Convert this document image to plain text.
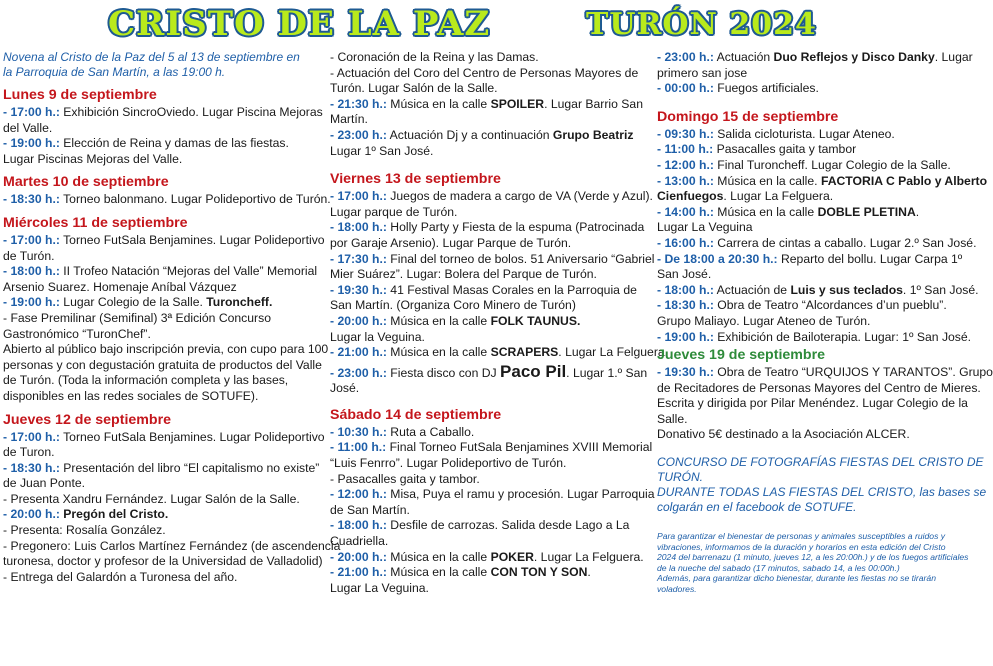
CRISTO DE LA PAZ	TURÓN 2024
Novena al Cristo de la Paz del 5 al 13 de septiembre en
la Parroquia de San Martín, a las 19:00 h.
Lunes 9 de septiembre
- 17:00 h.: Exhibición SincroOviedo. Lugar Piscina Mejoras
del Valle.
- 19:00 h.: Elección de Reina y damas de las fiestas.
Lugar Piscinas Mejoras del Valle.
Martes 10 de septiembre
- 18:30 h.: Torneo balonmano. Lugar Polideportivo de Turón.
Miércoles 11 de septiembre
- 17:00 h.: Torneo FutSala Benjamines. Lugar Polideportivo
de Turón.
- 18:00 h.: II Trofeo Natación “Mejoras del Valle” Memorial
Arsenio Suarez. Homenaje Aníbal Vázquez
- 19:00 h.: Lugar Colegio de la Salle. Turoncheff.
- Fase Premilinar (Semifinal) 3ª Edición Concurso
Gastronómico “TuronChef”.
Abierto al público bajo inscripción previa, con cupo para 100
personas y con degustación gratuita de productos del Valle
de Turón. (Toda la información completa y las bases,
disponibles en las redes sociales de SOTUFE).
Jueves 12 de septiembre
- 17:00 h.: Torneo FutSala Benjamines. Lugar Polideportivo
de Turon.
- 18:30 h.: Presentación del libro “El capitalismo no existe”
de Juan Ponte.
- Presenta Xandru Fernández. Lugar Salón de la Salle.
- 20:00 h.: Pregón del Cristo.
- Presenta: Rosalía González.
- Pregonero: Luis Carlos Martínez Fernández (de ascendencia
turonesa, doctor y profesor de la Universidad de Valladolid)
- Entrega del Galardón a Turonesa del año.
- Coronación de la Reina y las Damas.
- Actuación del Coro del Centro de Personas Mayores de
Turón. Lugar Salón de la Salle.
- 21:30 h.: Música en la calle SPOILER. Lugar Barrio San
Martín.
- 23:00 h.: Actuación Dj y a continuación Grupo Beatriz
Lugar 1º San José.
Viernes 13 de septiembre
- 17:00 h.: Juegos de madera a cargo de VA (Verde y Azul).
Lugar parque de Turón.
- 18:00 h.: Holly Party y Fiesta de la espuma (Patrocinada
por Garaje Arsenio). Lugar Parque de Turón.
- 17:30 h.: Final del torneo de bolos. 51 Aniversario “Gabriel
Mier Suárez”. Lugar: Bolera del Parque de Turón.
- 19:30 h.: 41 Festival Masas Corales en la Parroquia de
San Martín. (Organiza Coro Minero de Turón)
- 20:00 h.: Música en la calle FOLK TAUNUS.
Lugar la Veguina.
- 21:00 h.: Música en la calle SCRAPERS. Lugar La Felguera.
- 23:00 h.: Fiesta disco con DJ Paco Pil. Lugar 1.º San
José.
Sábado 14 de septiembre
- 10:30 h.: Ruta a Caballo.
- 11:00 h.: Final Torneo FutSala Benjamines XVIII Memorial
“Luis Fenrro”. Lugar Polideportivo de Turón.
- Pasacalles gaita y tambor.
- 12:00 h.: Misa, Puya el ramu y procesión. Lugar Parroquia
de San Martín.
- 18:00 h.: Desfile de carrozas. Salida desde Lago a La
Cuadriella.
- 20:00 h.: Música en la calle POKER. Lugar La Felguera.
- 21:00 h.: Música en la calle CON TON Y SON.
Lugar La Veguina.
- 23:00 h.: Actuación Duo Reflejos y Disco Danky. Lugar
primero san jose
- 00:00 h.: Fuegos artificiales.
Domingo 15 de septiembre
- 09:30 h.: Salida cicloturista. Lugar Ateneo.
- 11:00 h.: Pasacalles gaita y tambor
- 12:00 h.: Final Turoncheff. Lugar Colegio de la Salle.
- 13:00 h.: Música en la calle. FACTORIA C Pablo y Alberto
Cienfuegos. Lugar La Felguera.
- 14:00 h.: Música en la calle DOBLE PLETINA.
Lugar La Veguina
- 16:00 h.: Carrera de cintas a caballo. Lugar 2.º San José.
- De 18:00 a 20:30 h.: Reparto del bollu. Lugar Carpa 1º
San José.
- 18:00 h.: Actuación de Luis y sus teclados. 1º San José.
- 18:30 h.: Obra de Teatro “Alcordances d’un pueblu”.
Grupo Maliayo. Lugar Ateneo de Turón.
- 19:00 h.: Exhibición de Bailoterapia. Lugar: 1º San José.
Jueves 19 de septiembre
- 19:30 h.: Obra de Teatro “URQUIJOS Y TARANTOS”. Grupo
de Recitadores de Personas Mayores del Centro de Mieres.
Escrita y dirigida por Pilar Menéndez. Lugar Colegio de la
Salle.
Donativo 5€ destinado a la Asociación ALCER.
CONCURSO DE FOTOGRAFÍAS FIESTAS DEL CRISTO DE
TURÓN.
DURANTE TODAS LAS FIESTAS DEL CRISTO, las bases se
colgarán en el facebook de SOTUFE.
Para garantizar el bienestar de personas y animales susceptibles a ruidos y
vibraciones, informamos de la duración y horarios en esta edición del Cristo
2024 del barrenazu (1 minuto, jueves 12, a les 20:00h.) y de los fuegos artificiales
de la nueche del sabado (17 minutos, sabado 14, a les 00:00h.)
Además, para garantizar dicho bienestar, durante les fiestas no se tirarán
voladores.
